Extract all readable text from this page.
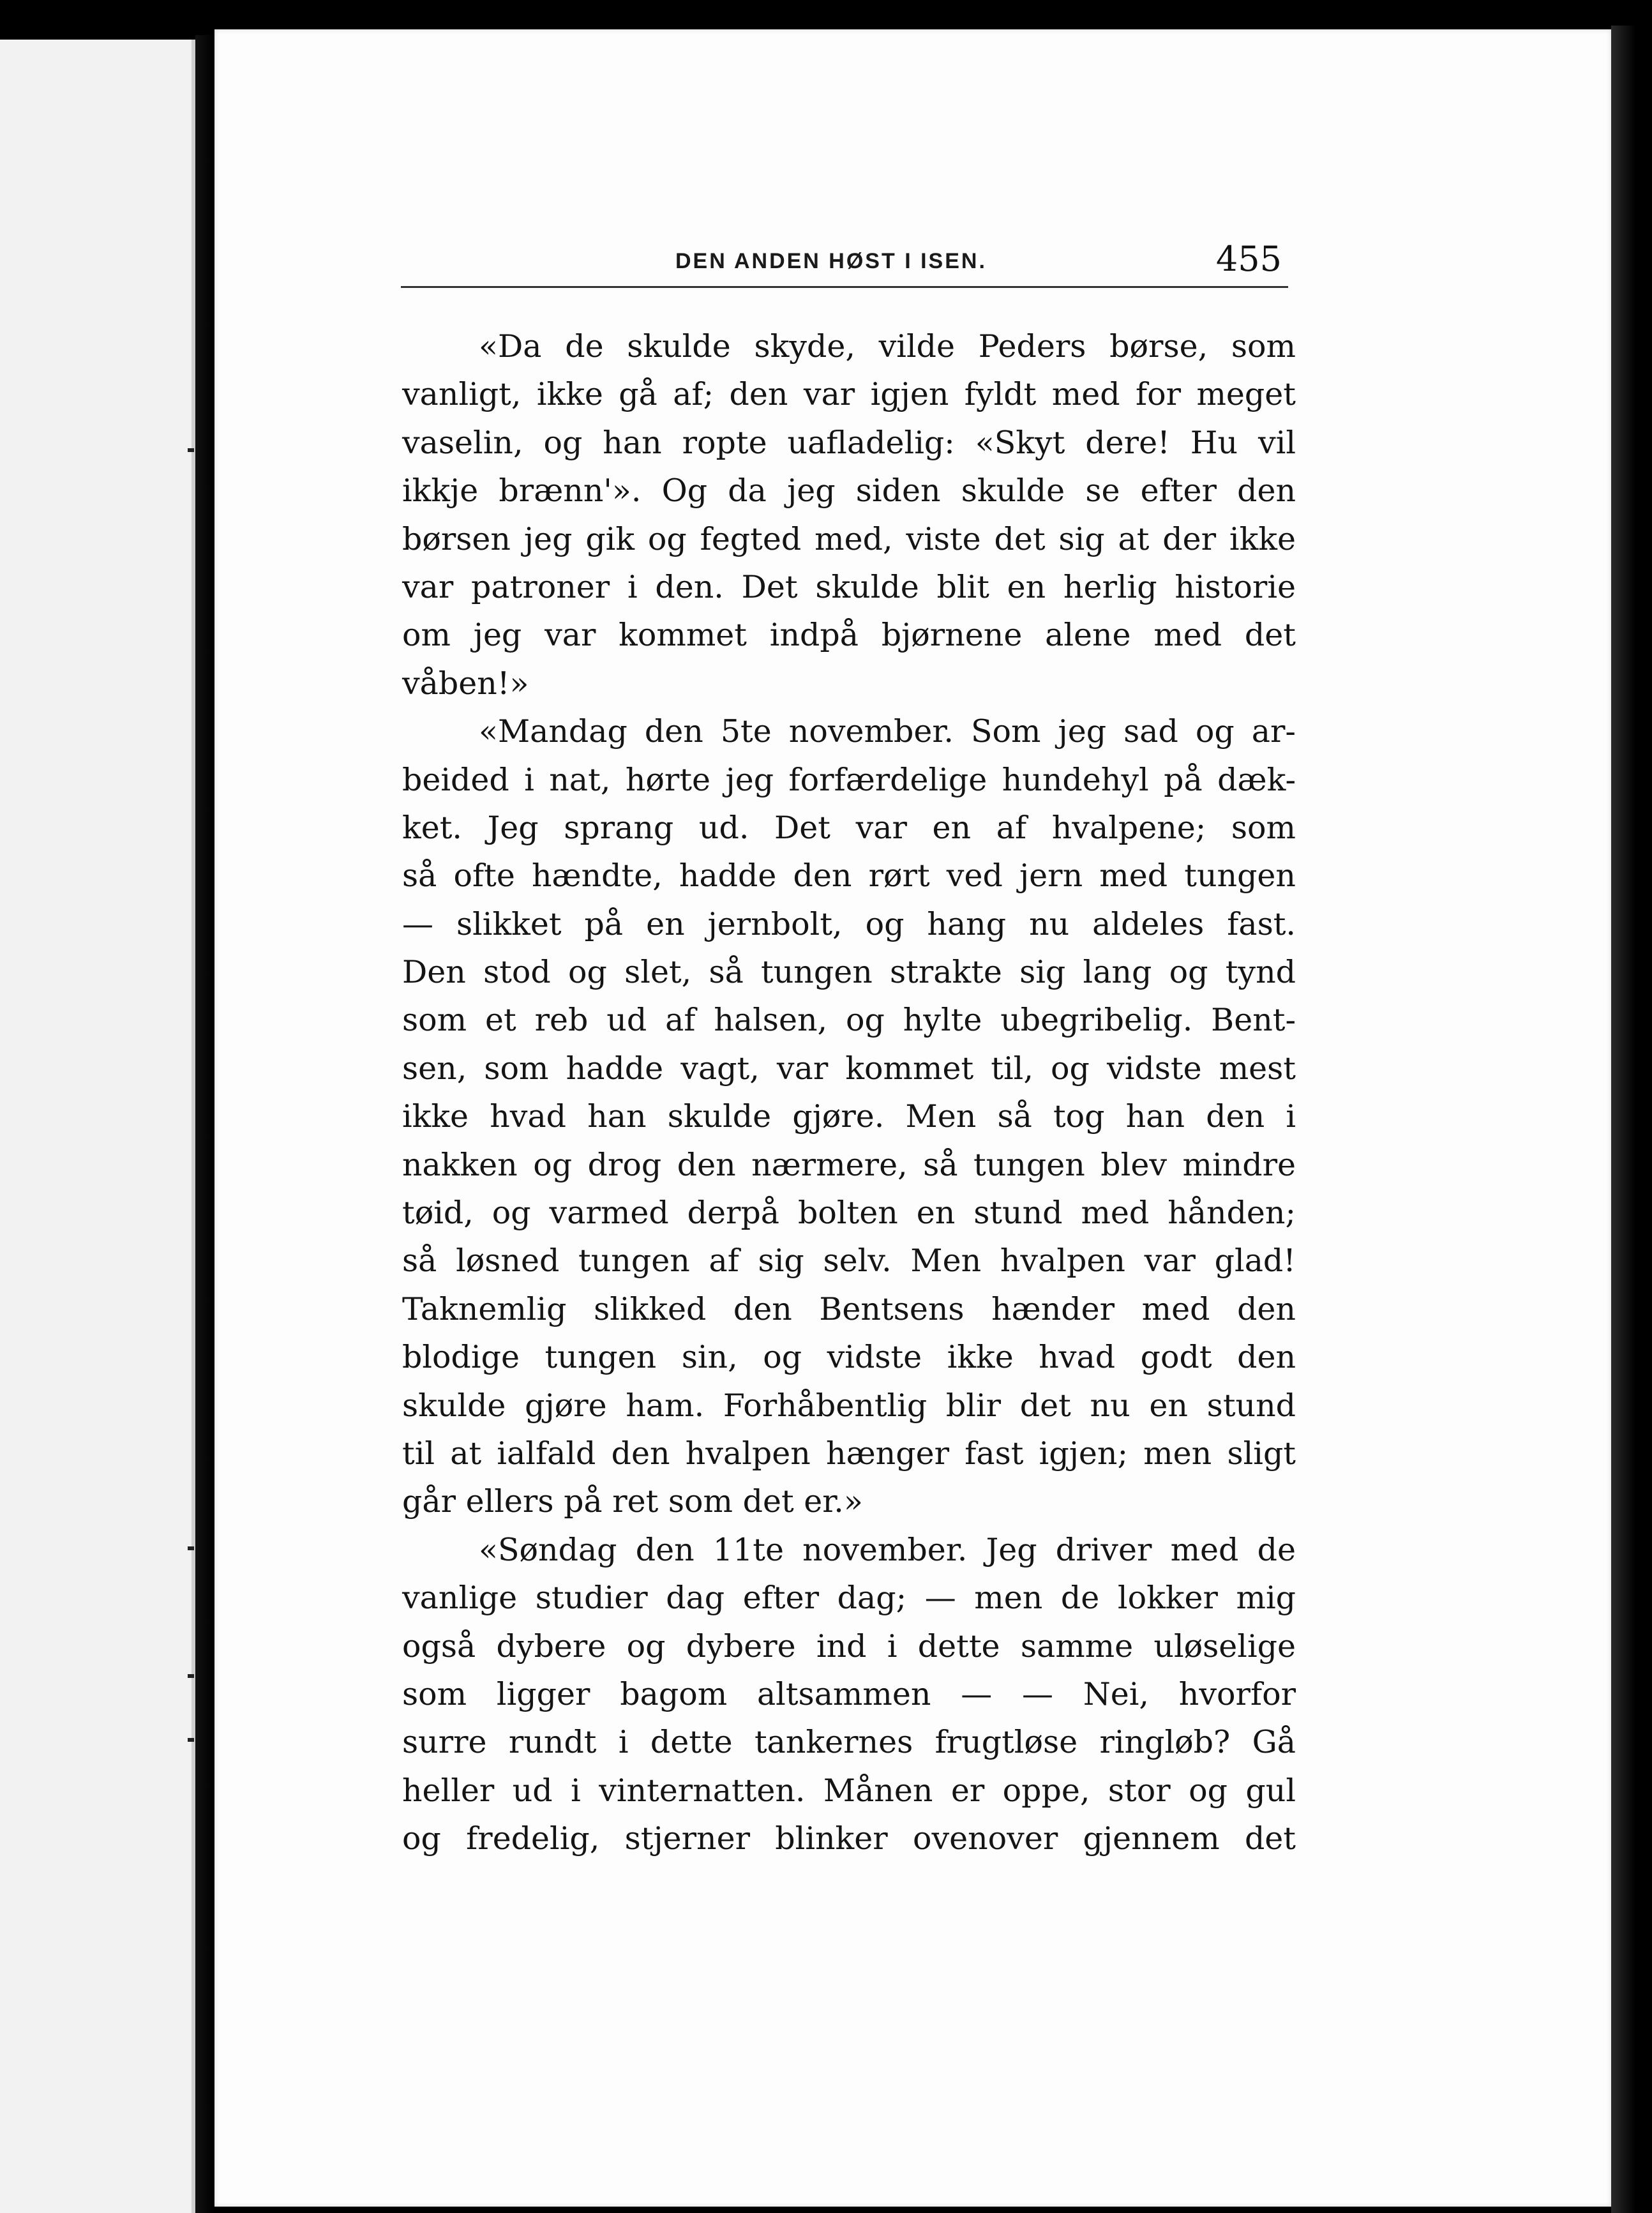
DEN ANDEN HØST I ISEN.	455
«Da de skulde skyde, vilde Peders børse, som
vanligt, ikke gå af; den var igjen fyldt med for meget
vaselin, og han ropte uafladelig: «Skyt dere! Hu vil
ikkje brænn'». Og da jeg siden skulde se efter den
børsen jeg gik og fegted med, viste det sig at der ikke
var patroner i den. Det skulde blit en herlig historie
om jeg var kommet indpå bjørnene alene med det
våben!»
«Mandag den 5te november. Som jeg sad og ar-
beided i nat, hørte jeg forfærdelige hundehyl på dæk-
ket. Jeg sprang ud. Det var en af hvalpene; som
så ofte hændte, hadde den rørt ved jern med tungen
— slikket på en jernbolt, og hang nu aldeles fast.
Den stod og slet, så tungen strakte sig lang og tynd
som et reb ud af halsen, og hylte ubegribelig. Bent-
sen, som hadde vagt, var kommet til, og vidste mest
ikke hvad han skulde gjøre. Men så tog han den i
nakken og drog den nærmere, så tungen blev mindre
tøid, og varmed derpå bolten en stund med hånden;
så løsned tungen af sig selv. Men hvalpen var glad!
Taknemlig slikked den Bentsens hænder med den
blodige tungen sin, og vidste ikke hvad godt den
skulde gjøre ham. Forhåbentlig blir det nu en stund
til at ialfald den hvalpen hænger fast igjen; men sligt
går ellers på ret som det er.»
«Søndag den 11te november. Jeg driver med de
vanlige studier dag efter dag; — men de lokker mig
også dybere og dybere ind i dette samme uløselige
som ligger bagom altsammen — — Nei, hvorfor
surre rundt i dette tankernes frugtløse ringløb? Gå
heller ud i vinternatten. Månen er oppe, stor og gul
og fredelig, stjerner blinker ovenover gjennem det
